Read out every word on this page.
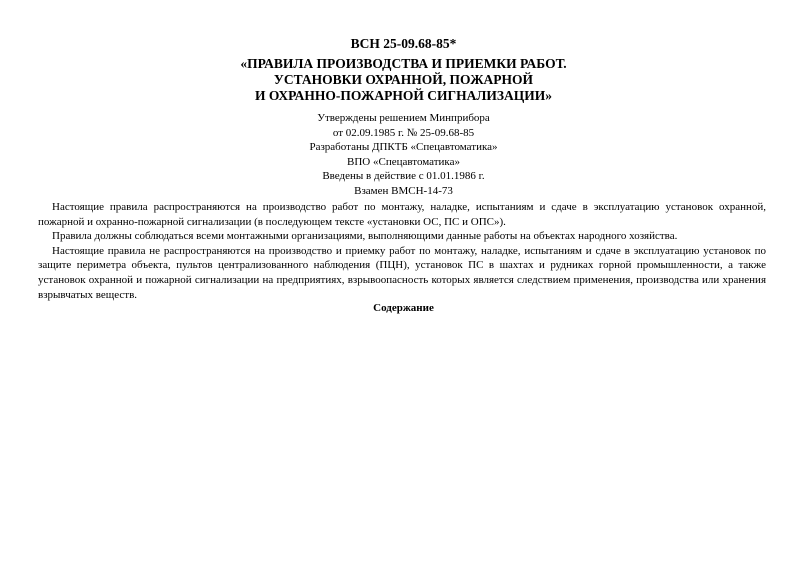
ВСН 25-09.68-85*
«ПРАВИЛА ПРОИЗВОДСТВА И ПРИЕМКИ РАБОТ.
УСТАНОВКИ ОХРАННОЙ, ПОЖАРНОЙ
И ОХРАННО-ПОЖАРНОЙ СИГНАЛИЗАЦИИ»
Утверждены решением Минприбора
от 02.09.1985 г. № 25-09.68-85
Разработаны ДПКТБ «Спецавтоматика»
ВПО «Спецавтоматика»
Введены в действие с 01.01.1986 г.
Взамен ВМСН-14-73

Настоящие правила распространяются на производство работ по монтажу, наладке, испытаниям и сдаче в эксплуатацию установок охранной, пожарной и охранно-пожарной сигнализации (в последующем тексте «установки ОС, ПС и ОПС»).

Правила должны соблюдаться всеми монтажными организациями, выполняющими данные работы на объектах народного хозяйства.

Настоящие правила не распространяются на производство и приемку работ по монтажу, наладке, испытаниям и сдаче в эксплуатацию установок по защите периметра объекта, пультов централизованного наблюдения (ПЦН), установок ПС в шахтах и рудниках горной промышленности, а также установок охранной и пожарной сигнализации на предприятиях, взрывоопасность которых является следствием применения, производства или хранения взрывчатых веществ.

Содержание
